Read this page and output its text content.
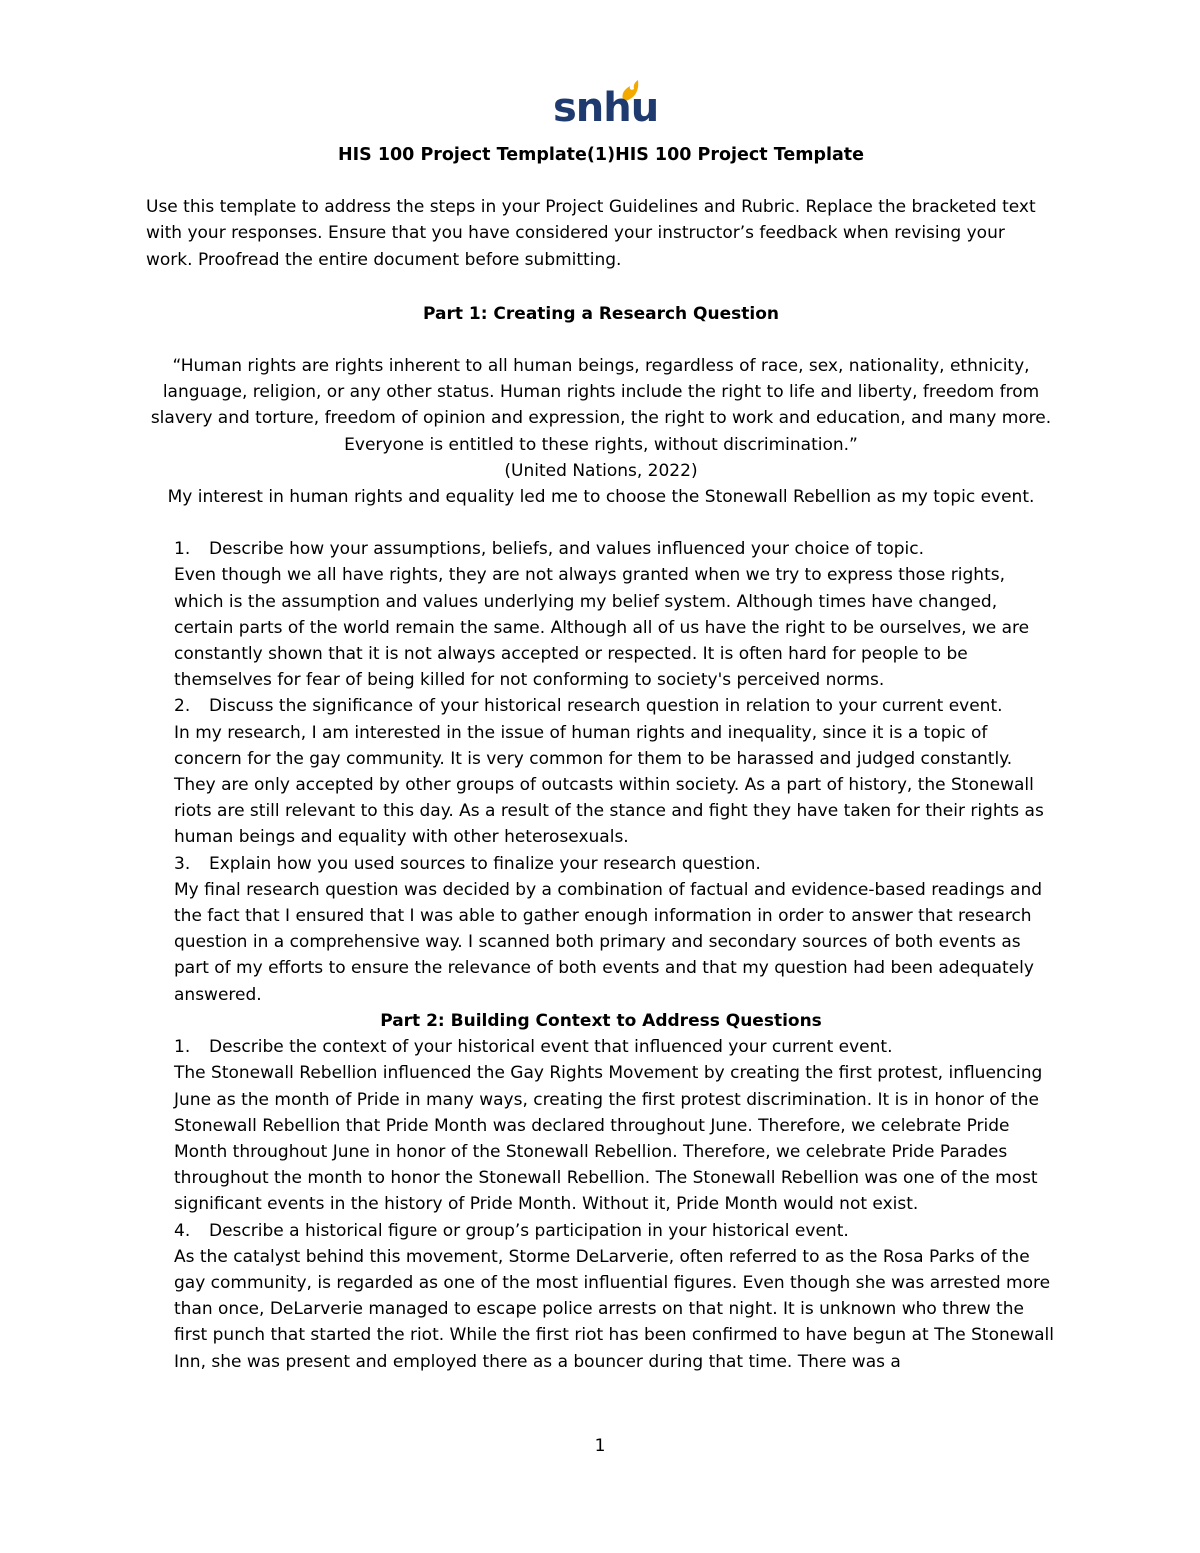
snhu
HIS 100 Project Template(1)HIS 100 Project Template
Use this template to address the steps in your Project Guidelines and Rubric. Replace the bracketed text with your responses. Ensure that you have considered your instructor’s feedback when revising your work. Proofread the entire document before submitting.
Part 1: Creating a Research Question
“Human rights are rights inherent to all human beings, regardless of race, sex, nationality, ethnicity, language, religion, or any other status. Human rights include the right to life and liberty, freedom from slavery and torture, freedom of opinion and expression, the right to work and education, and many more. Everyone is entitled to these rights, without discrimination.”
(United Nations, 2022)
My interest in human rights and equality led me to choose the Stonewall Rebellion as my topic event.
1.	Describe how your assumptions, beliefs, and values influenced your choice of topic.
Even though we all have rights, they are not always granted when we try to express those rights, which is the assumption and values underlying my belief system. Although times have changed, certain parts of the world remain the same. Although all of us have the right to be ourselves, we are constantly shown that it is not always accepted or respected. It is often hard for people to be themselves for fear of being killed for not conforming to society's perceived norms.
2.	Discuss the significance of your historical research question in relation to your current event.
In my research, I am interested in the issue of human rights and inequality, since it is a topic of concern for the gay community. It is very common for them to be harassed and judged constantly. They are only accepted by other groups of outcasts within society. As a part of history, the Stonewall riots are still relevant to this day. As a result of the stance and fight they have taken for their rights as human beings and equality with other heterosexuals.
3.	Explain how you used sources to finalize your research question.
My final research question was decided by a combination of factual and evidence-based readings and the fact that I ensured that I was able to gather enough information in order to answer that research question in a comprehensive way. I scanned both primary and secondary sources of both events as part of my efforts to ensure the relevance of both events and that my question had been adequately answered.
Part 2: Building Context to Address Questions
1.	Describe the context of your historical event that influenced your current event.
The Stonewall Rebellion influenced the Gay Rights Movement by creating the first protest, influencing June as the month of Pride in many ways, creating the first protest discrimination. It is in honor of the Stonewall Rebellion that Pride Month was declared throughout June. Therefore, we celebrate Pride Month throughout June in honor of the Stonewall Rebellion. Therefore, we celebrate Pride Parades throughout the month to honor the Stonewall Rebellion. The Stonewall Rebellion was one of the most significant events in the history of Pride Month. Without it, Pride Month would not exist.
4.	Describe a historical figure or group’s participation in your historical event.
As the catalyst behind this movement, Storme DeLarverie, often referred to as the Rosa Parks of the gay community, is regarded as one of the most influential figures. Even though she was arrested more than once, DeLarverie managed to escape police arrests on that night. It is unknown who threw the first punch that started the riot. While the first riot has been confirmed to have begun at The Stonewall Inn, she was present and employed there as a bouncer during that time. There was a
1
